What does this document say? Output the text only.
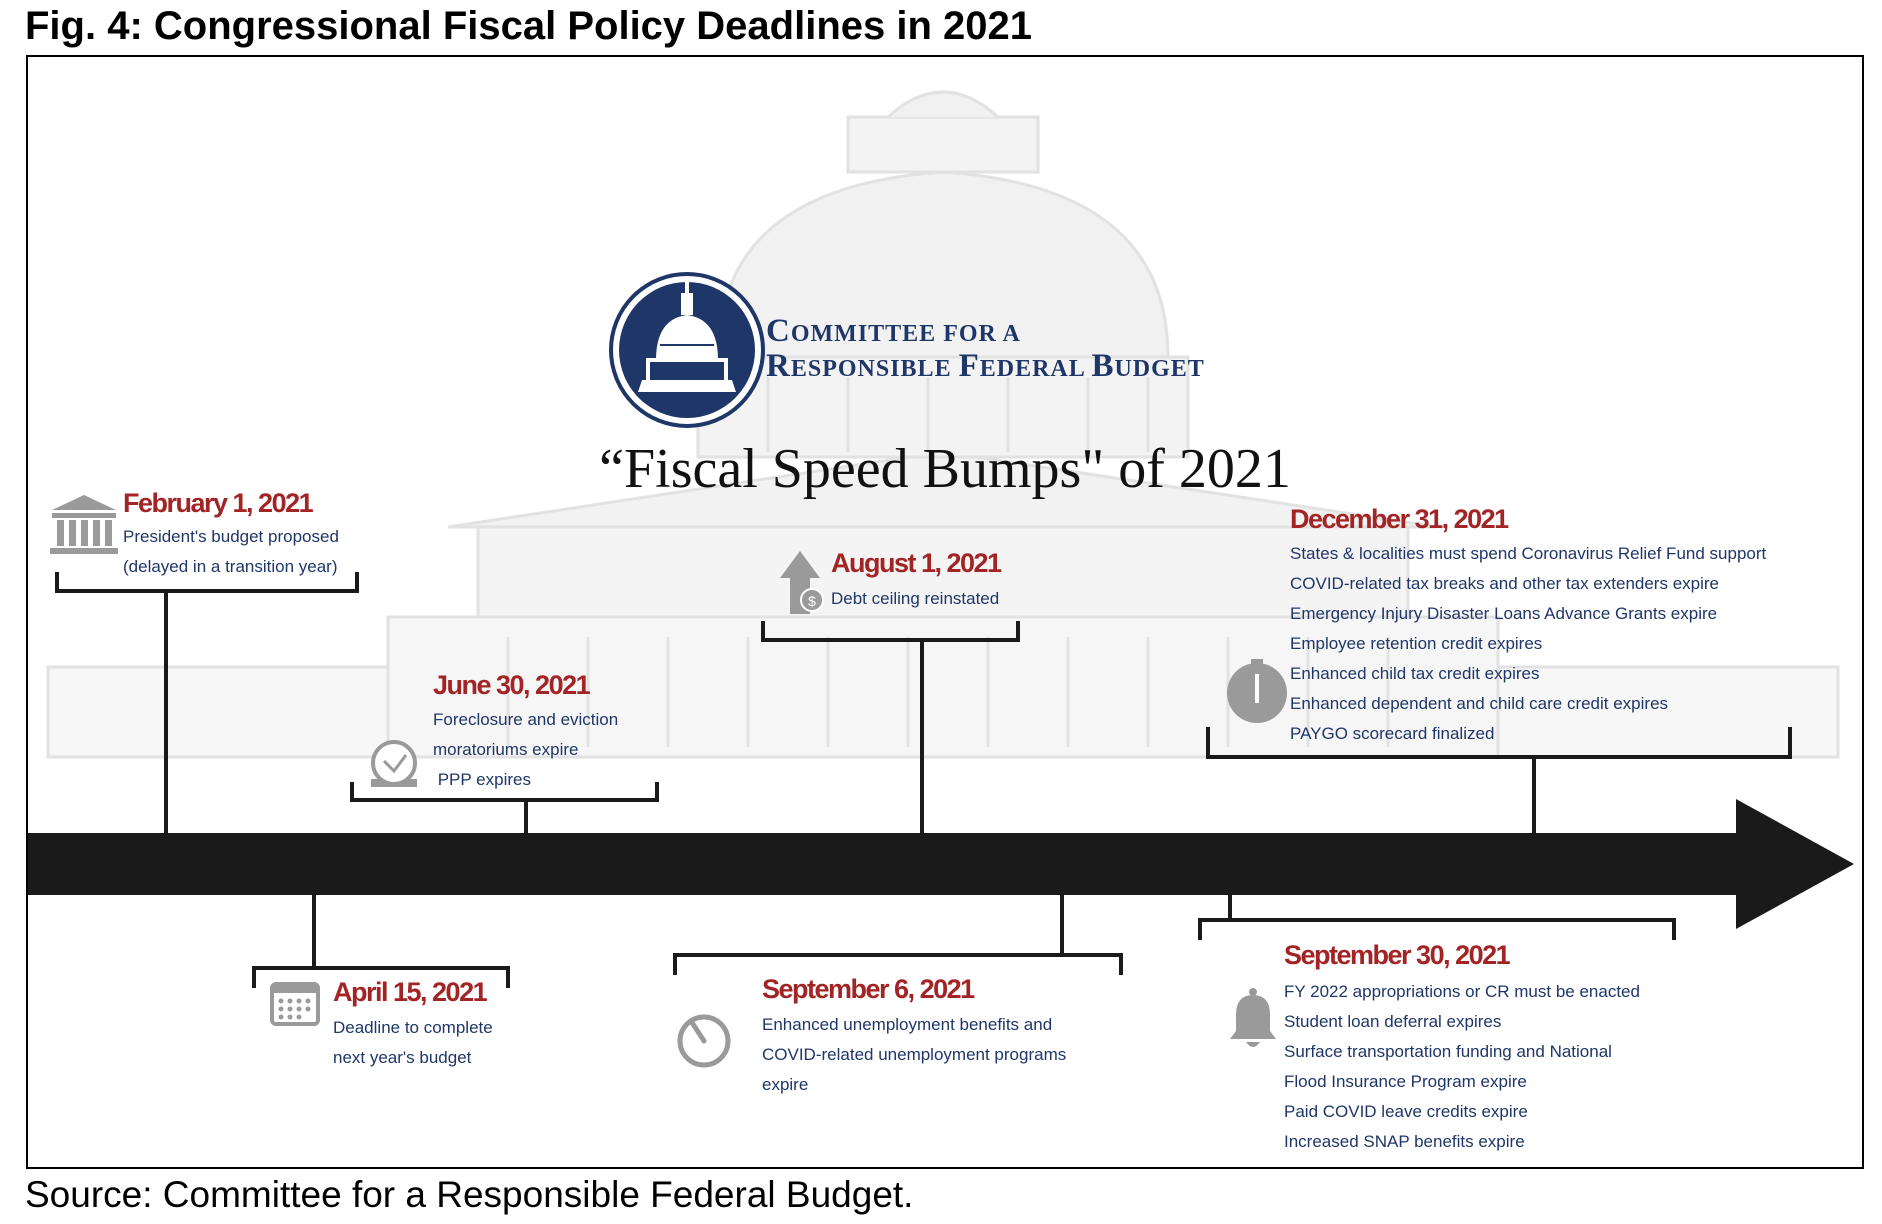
Fig. 4: Congressional Fiscal Policy Deadlines in 2021
$
COMMITTEE FOR A
RESPONSIBLE FEDERAL BUDGET
“Fiscal Speed Bumps" of 2021
February 1, 2021
President's budget proposed
(delayed in a transition year)
June 30, 2021
Foreclosure and eviction
moratoriums expire
PPP expires
August 1, 2021
Debt ceiling reinstated
December 31, 2021
States & localities must spend Coronavirus Relief Fund support
COVID-related tax breaks and other tax extenders expire
Emergency Injury Disaster Loans Advance Grants expire
Employee retention credit expires
Enhanced child tax credit expires
Enhanced dependent and child care credit expires
PAYGO scorecard finalized
April 15, 2021
Deadline to complete
next year's budget
September 6, 2021
Enhanced unemployment benefits and
COVID-related unemployment programs
expire
September 30, 2021
FY 2022 appropriations or CR must be enacted
Student loan deferral expires
Surface transportation funding and National
Flood Insurance Program expire
Paid COVID leave credits expire
Increased SNAP benefits expire
Source: Committee for a Responsible Federal Budget.
